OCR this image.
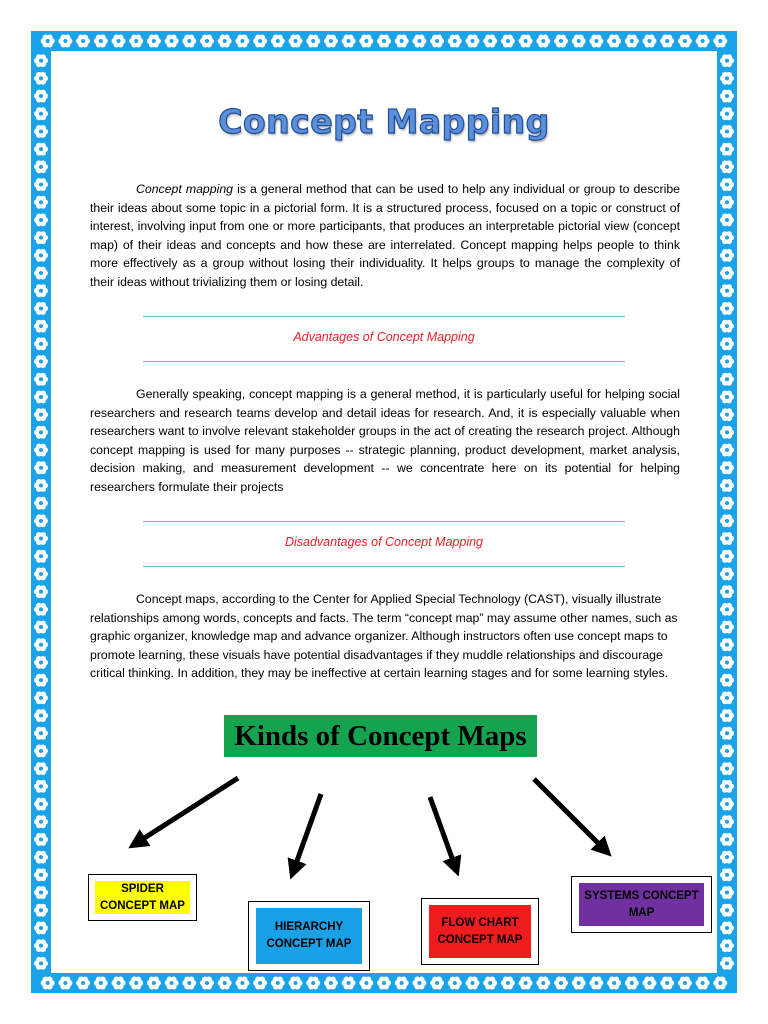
Concept Mapping

Concept mapping is a general method that can be used to help any individual or group to describe their ideas about some topic in a pictorial form. It is a structured process, focused on a topic or construct of interest, involving input from one or more participants, that produces an interpretable pictorial view (concept map) of their ideas and concepts and how these are interrelated. Concept mapping helps people to think more effectively as a group without losing their individuality. It helps groups to manage the complexity of their ideas without trivializing them or losing detail.

Advantages of Concept Mapping

Generally speaking, concept mapping is a general method, it is particularly useful for helping social researchers and research teams develop and detail ideas for research. And, it is especially valuable when researchers want to involve relevant stakeholder groups in the act of creating the research project. Although concept mapping is used for many purposes -- strategic planning, product development, market analysis, decision making, and measurement development -- we concentrate here on its potential for helping researchers formulate their projects

Disadvantages of Concept Mapping

Concept maps, according to the Center for Applied Special Technology (CAST), visually illustrate relationships among words, concepts and facts. The term “concept map” may assume other names, such as graphic organizer, knowledge map and advance organizer. Although instructors often use concept maps to promote learning, these visuals have potential disadvantages if they muddle relationships and discourage critical thinking. In addition, they may be ineffective at certain learning stages and for some learning styles.

Kinds of Concept Maps
SPIDER CONCEPT MAP
HIERARCHY CONCEPT MAP
FLOW CHART CONCEPT MAP
SYSTEMS CONCEPT MAP
